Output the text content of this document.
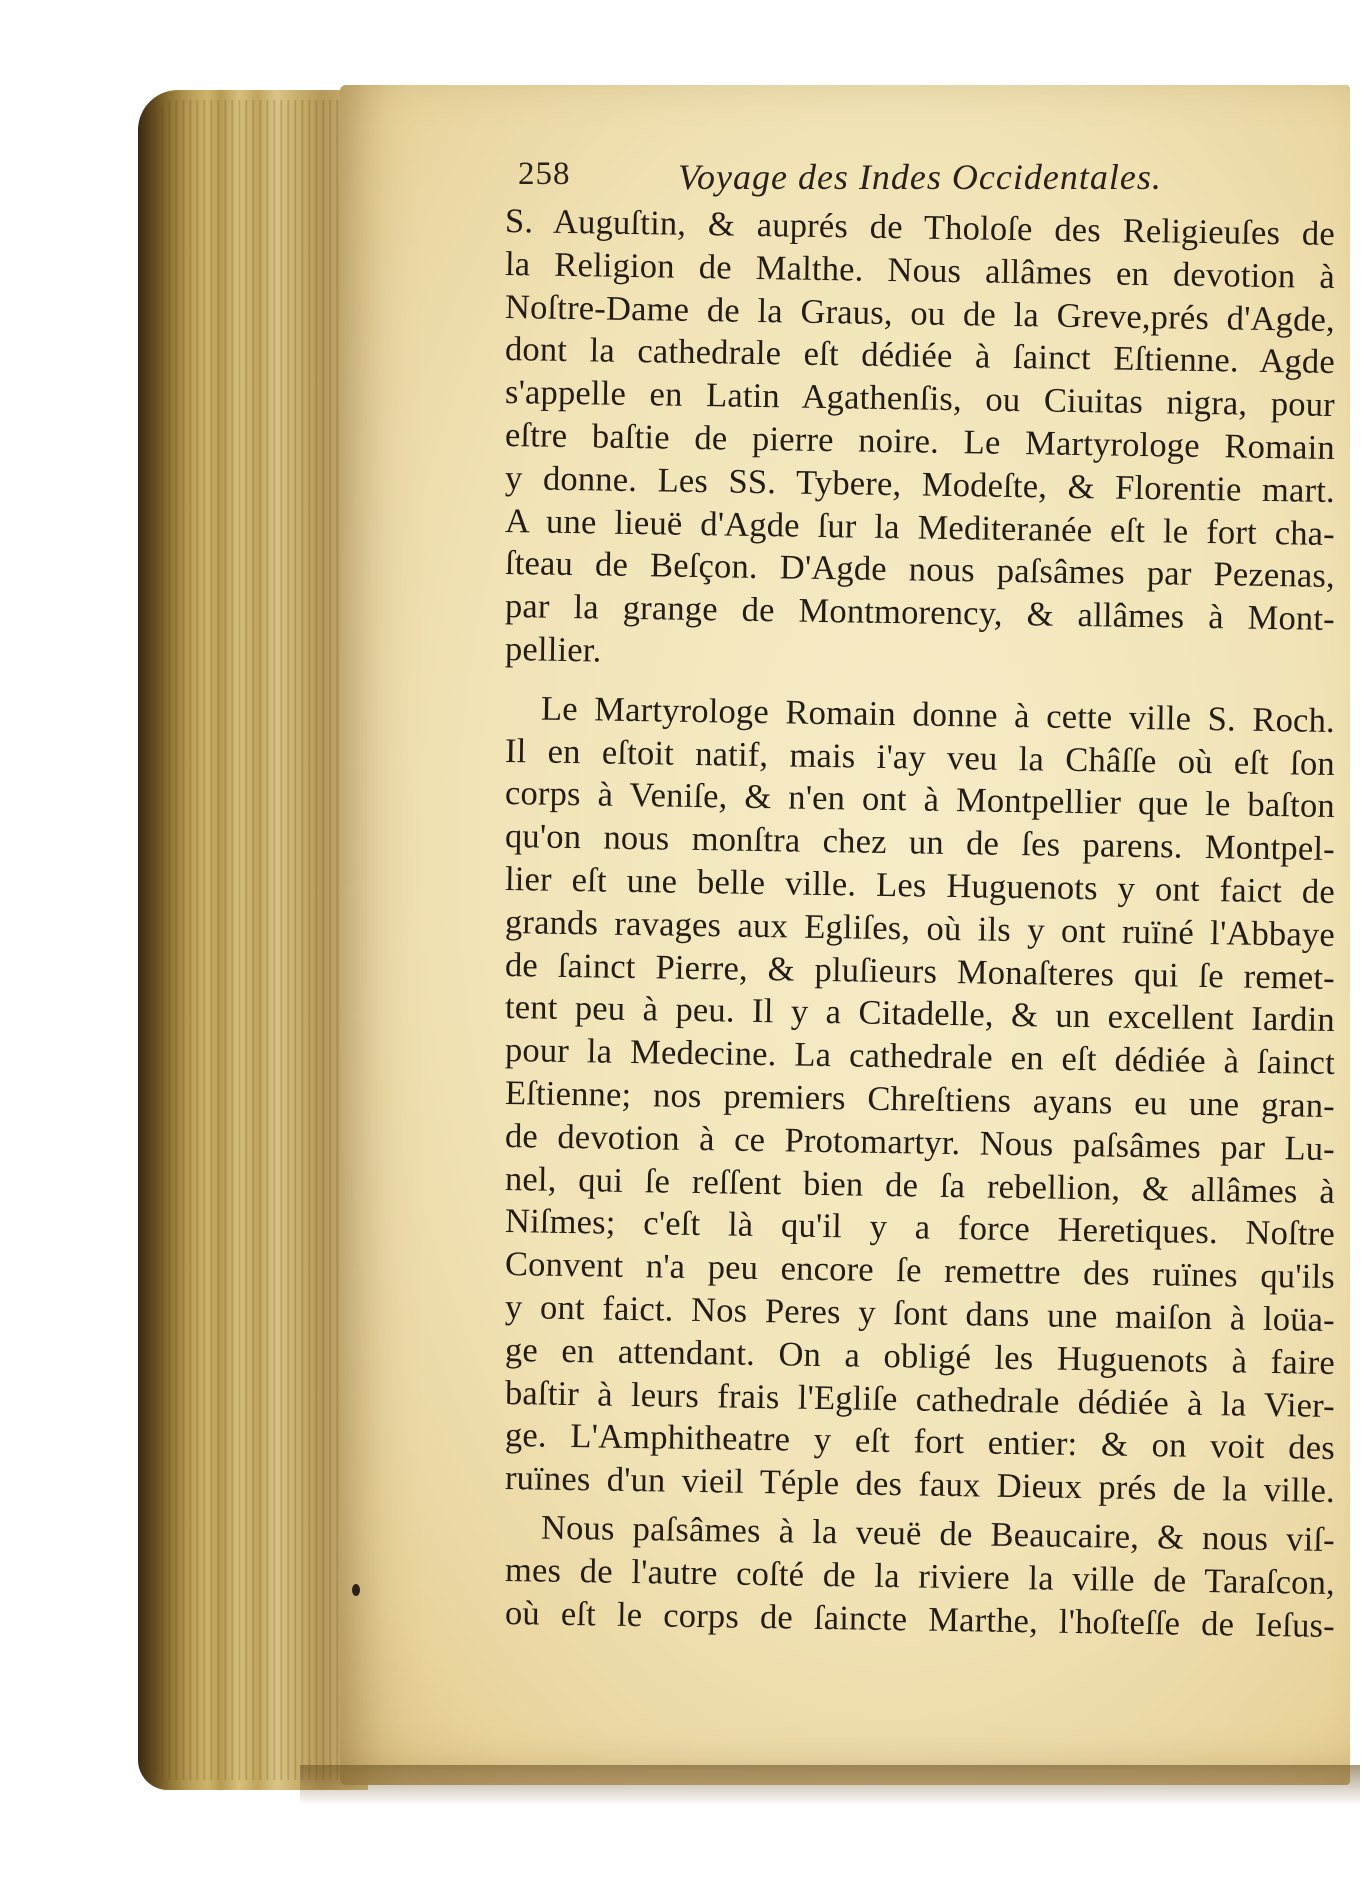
258	Voyage des Indes Occidentales.
S. Auguſtin, & auprés de Tholoſe des Religieuſes de
la Religion de Malthe. Nous allâmes en devotion à
Noſtre-Dame de la Graus, ou de la Greve,prés d'Agde,
dont la cathedrale eſt dédiée à ſainct Eſtienne. Agde
s'appelle en Latin Agathenſis, ou Ciuitas nigra, pour
eſtre baſtie de pierre noire. Le Martyrologe Romain
y donne. Les SS. Tybere, Modeſte, & Florentie mart.
A une lieuë d'Agde ſur la Mediteranée eſt le fort cha-
ſteau de Beſçon. D'Agde nous paſsâmes par Pezenas,
par la grange de Montmorency, & allâmes à Mont-
pellier.
Le Martyrologe Romain donne à cette ville S. Roch.
Il en eſtoit natif, mais i'ay veu la Châſſe où eſt ſon
corps à Veniſe, & n'en ont à Montpellier que le baſton
qu'on nous monſtra chez un de ſes parens. Montpel-
lier eſt une belle ville. Les Huguenots y ont faict de
grands ravages aux Egliſes, où ils y ont ruïné l'Abbaye
de ſainct Pierre, & pluſieurs Monaſteres qui ſe remet-
tent peu à peu. Il y a Citadelle, & un excellent Iardin
pour la Medecine. La cathedrale en eſt dédiée à ſainct
Eſtienne; nos premiers Chreſtiens ayans eu une gran-
de devotion à ce Protomartyr. Nous paſsâmes par Lu-
nel, qui ſe reſſent bien de ſa rebellion, & allâmes à
Niſmes; c'eſt là qu'il y a force Heretiques. Noſtre
Convent n'a peu encore ſe remettre des ruïnes qu'ils
y ont faict. Nos Peres y ſont dans une maiſon à loüa-
ge en attendant. On a obligé les Huguenots à faire
baſtir à leurs frais l'Egliſe cathedrale dédiée à la Vier-
ge. L'Amphitheatre y eſt fort entier: & on voit des
ruïnes d'un vieil Téple des faux Dieux prés de la ville.
Nous paſsâmes à la veuë de Beaucaire, & nous viſ-
mes de l'autre coſté de la riviere la ville de Taraſcon,
où eſt le corps de ſaincte Marthe, l'hoſteſſe de Ieſus-
